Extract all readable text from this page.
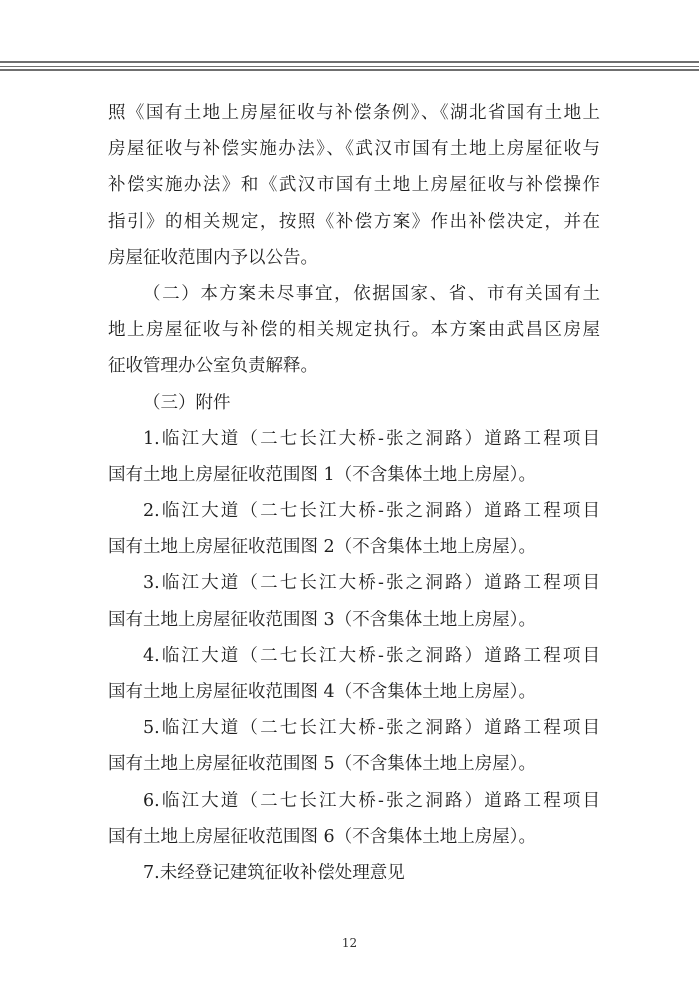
照《国有土地上房屋征收与补偿条例》、《湖北省国有土地上
房屋征收与补偿实施办法》、《武汉市国有土地上房屋征收与
补偿实施办法》和《武汉市国有土地上房屋征收与补偿操作
指引》的相关规定，按照《补偿方案》作出补偿决定，并在
房屋征收范围内予以公告。
（二）本方案未尽事宜，依据国家、省、市有关国有土
地上房屋征收与补偿的相关规定执行。本方案由武昌区房屋
征收管理办公室负责解释。
（三）附件
1.临江大道（二七长江大桥-张之洞路）道路工程项目
国有土地上房屋征收范围图 1（不含集体土地上房屋）。
2.临江大道（二七长江大桥-张之洞路）道路工程项目
国有土地上房屋征收范围图 2（不含集体土地上房屋）。
3.临江大道（二七长江大桥-张之洞路）道路工程项目
国有土地上房屋征收范围图 3（不含集体土地上房屋）。
4.临江大道（二七长江大桥-张之洞路）道路工程项目
国有土地上房屋征收范围图 4（不含集体土地上房屋）。
5.临江大道（二七长江大桥-张之洞路）道路工程项目
国有土地上房屋征收范围图 5（不含集体土地上房屋）。
6.临江大道（二七长江大桥-张之洞路）道路工程项目
国有土地上房屋征收范围图 6（不含集体土地上房屋）。
7.未经登记建筑征收补偿处理意见
12
